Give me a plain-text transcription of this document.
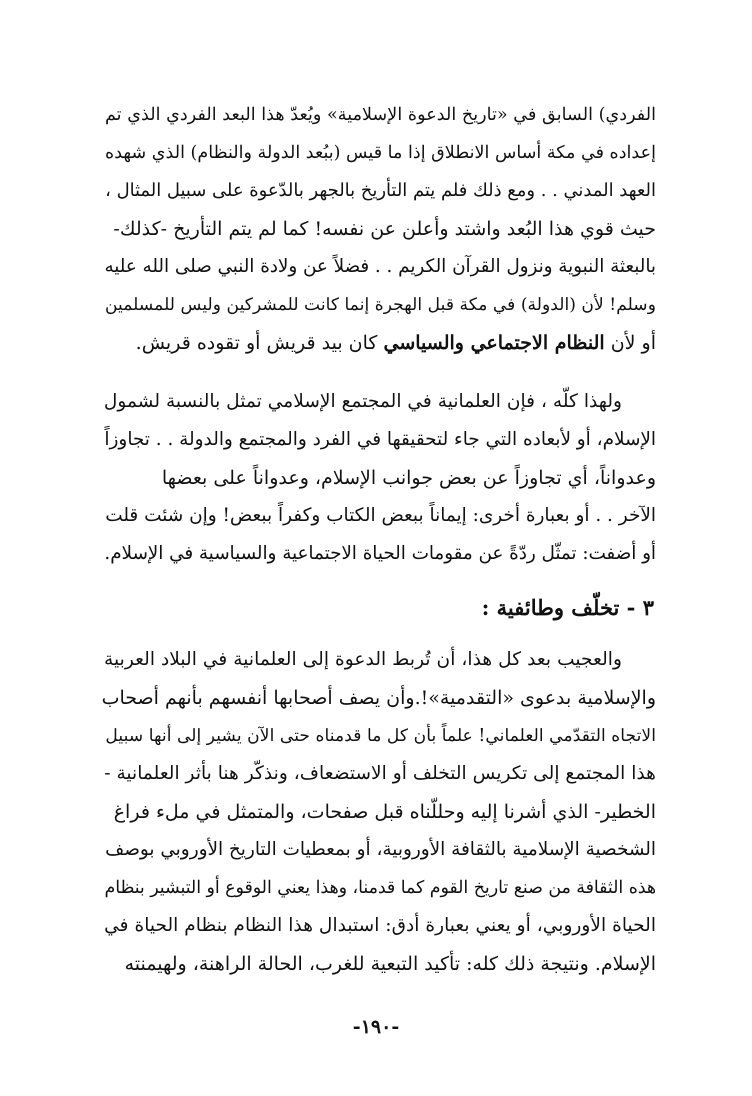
الفردي) السابق في «تاريخ الدعوة الإسلامية» ويُعدّ هذا البعد الفردي الذي تم
إعداده في مكة أساس الانطلاق إذا ما قيس (ببُعد الدولة والنظام) الذي شهده
العهد المدني . . ومع ذلك فلم يتم التأريخ بالجهر بالدّعوة على سبيل المثال ،
حيث قوي هذا البُعد واشتد وأعلن عن نفسه! كما لم يتم التأريخ -كذلك-
بالبعثة النبوية ونزول القرآن الكريم . . فضلاً عن ولادة النبي صلى الله عليه
وسلم! لأن (الدولة) في مكة قبل الهجرة إنما كانت للمشركين وليس للمسلمين
أو لأن النظام الاجتماعي والسياسي كان بيد قريش أو تقوده قريش.
ولهذا كلّه ، فإن العلمانية في المجتمع الإسلامي تمثل بالنسبة لشمول
الإسلام، أو لأبعاده التي جاء لتحقيقها في الفرد والمجتمع والدولة . . تجاوزاً
وعدواناً، أي تجاوزاً عن بعض جوانب الإسلام، وعدواناً على بعضها
الآخر . . أو بعبارة أخرى: إيماناً ببعض الكتاب وكفراً ببعض! وإن شئت قلت
أو أضفت: تمثّل ردّةً عن مقومات الحياة الاجتماعية والسياسية في الإسلام.
٣ - تخلّف وطائفية :
والعجيب بعد كل هذا، أن تُربط الدعوة إلى العلمانية في البلاد العربية
والإسلامية بدعوى «التقدمية»!.وأن يصف أصحابها أنفسهم بأنهم أصحاب
الاتجاه التقدّمي العلماني! علماً بأن كل ما قدمناه حتى الآن يشير إلى أنها سبيل
هذا المجتمع إلى تكريس التخلف أو الاستضعاف، ونذكّر هنا بأثر العلمانية -
الخطير- الذي أشرنا إليه وحللّناه قبل صفحات، والمتمثل في ملء فراغ
الشخصية الإسلامية بالثقافة الأوروبية، أو بمعطيات التاريخ الأوروبي بوصف
هذه الثقافة من صنع تاريخ القوم كما قدمنا، وهذا يعني الوقوع أو التبشير بنظام
الحياة الأوروبي، أو يعني بعبارة أدق: استبدال هذا النظام بنظام الحياة في
الإسلام. ونتيجة ذلك كله: تأكيد التبعية للغرب، الحالة الراهنة، ولهيمنته
-١٩٠-
